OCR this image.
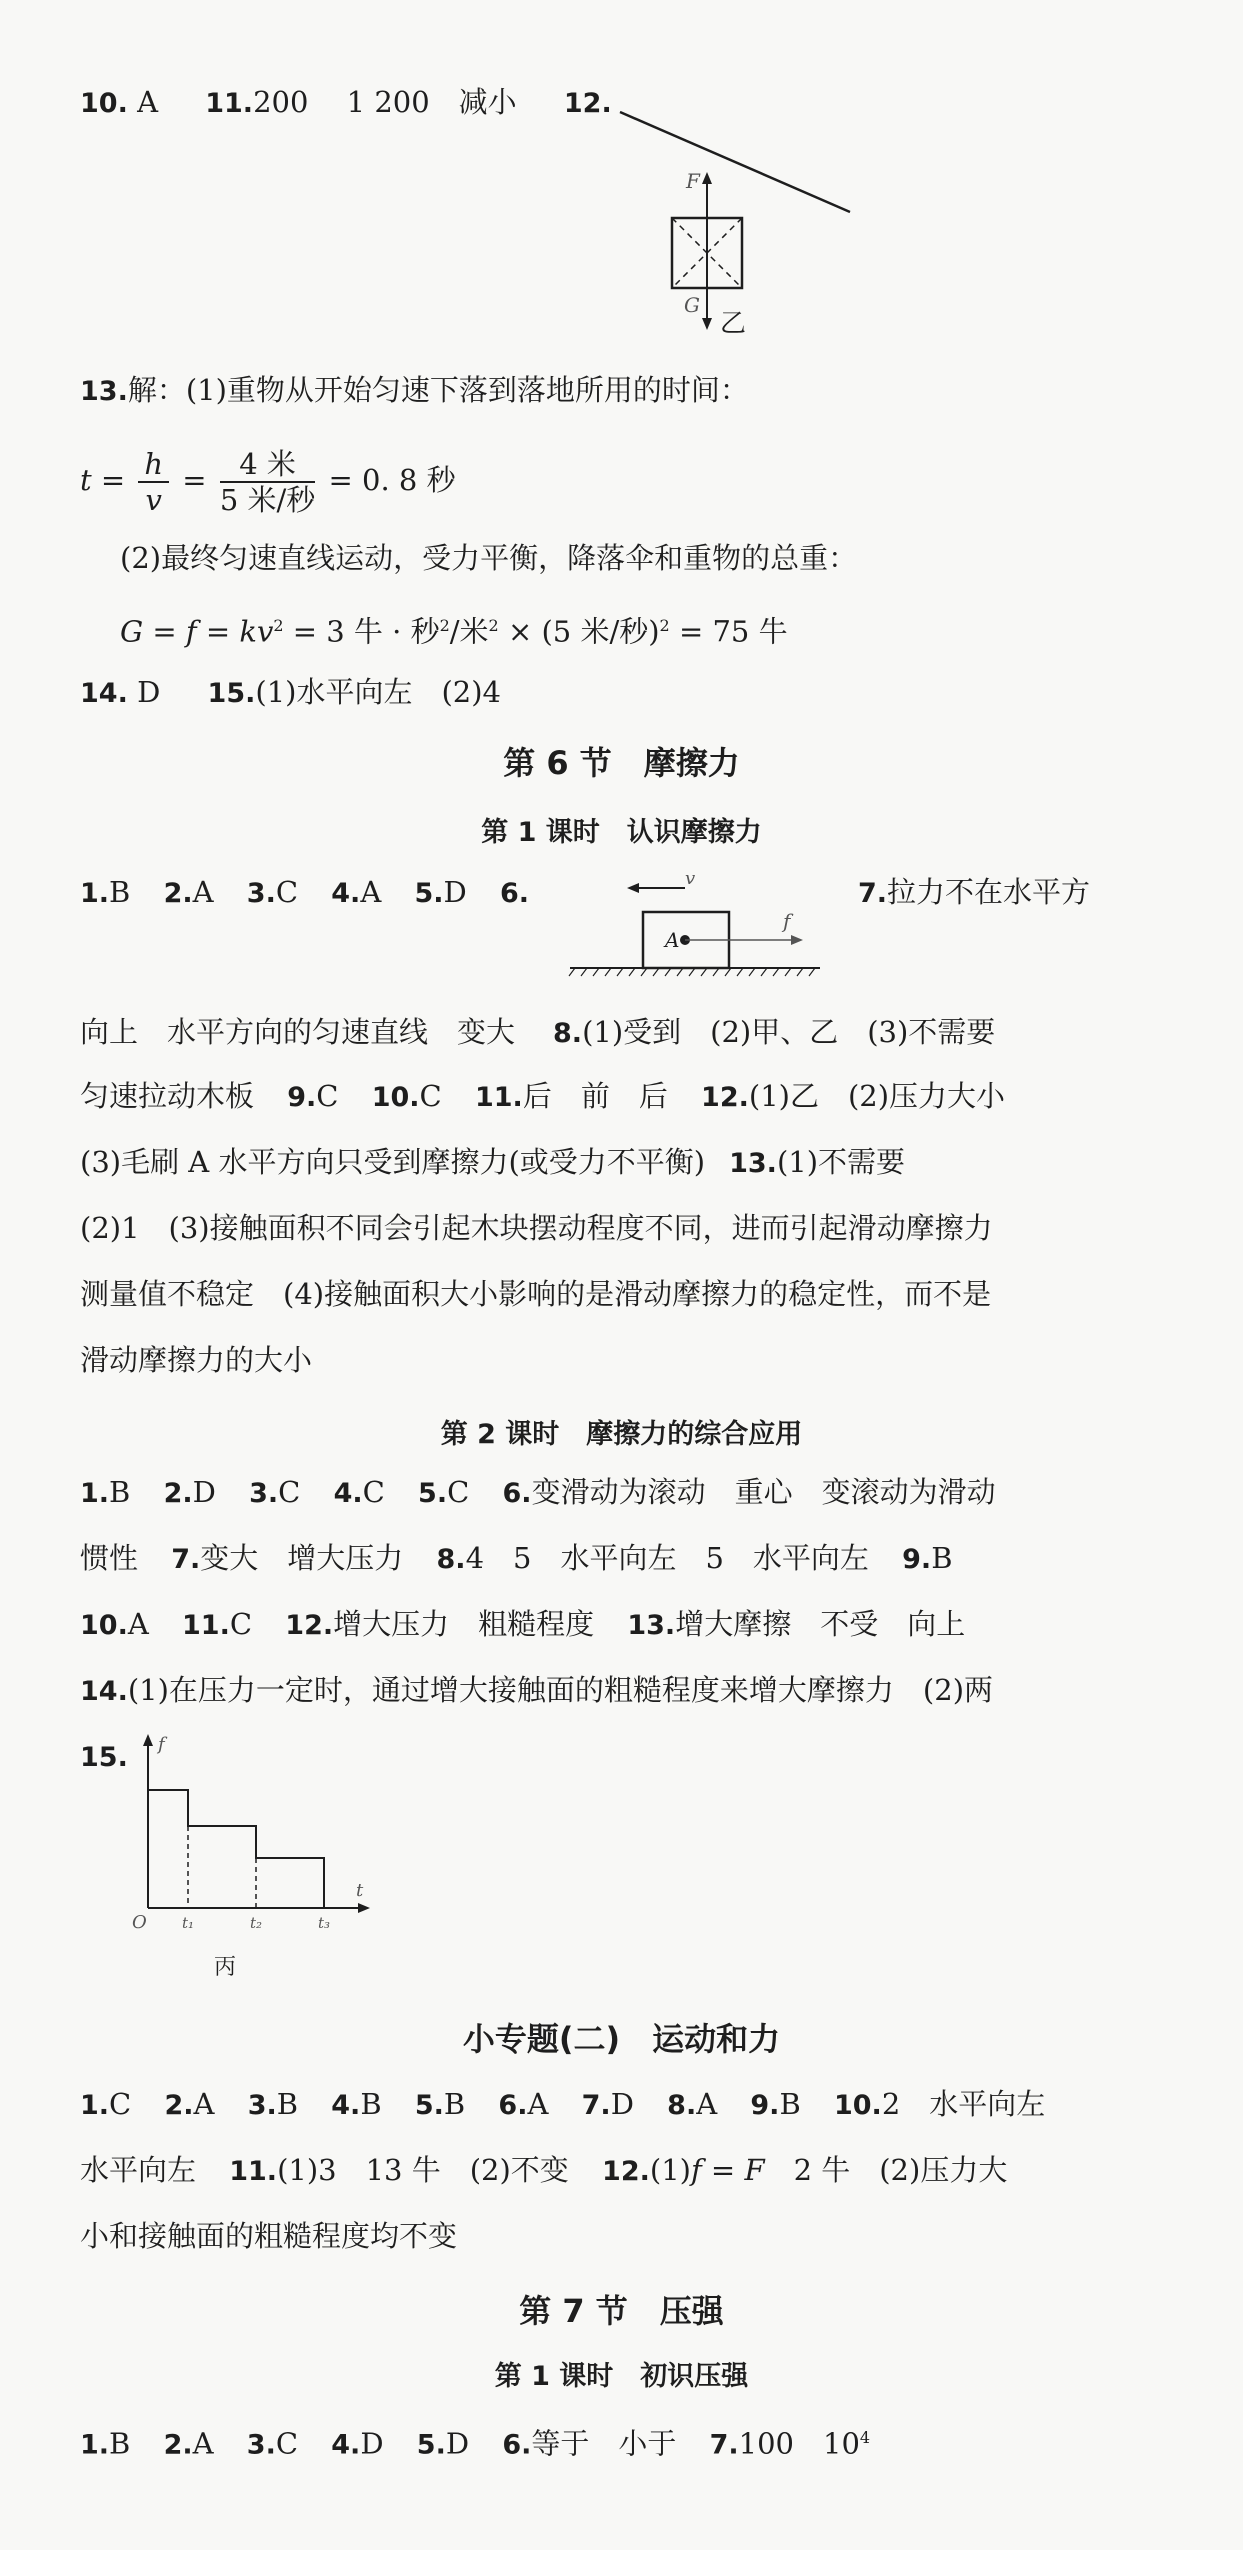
10. A 11.200　 1 200　减小 12.
F
G
乙
13.解：(1)重物从开始匀速下落到落地所用的时间：
$t = \frac{h}{v} = \frac{\text{4 米}}{\text{5 米/秒}} = 0$. 8 秒
(2)最终匀速直线运动，受力平衡，降落伞和重物的总重：
$G = f = kv^2 = 3$ 牛 · 秒$^2$/米$^2$ × (5 米/秒)$^2$ = 75 牛
14. D 15.(1)水平向左　(2)4
第 6 节　摩擦力
第 1 课时　认识摩擦力
1.B 2.A 3.C 4.A 5.D 6.	7.拉力不在水平方
v
A
f
向上　水平方向的匀速直线　变大 8.(1)受到　(2)甲、乙　(3)不需要
匀速拉动木板 9.C 10.C 11.后　前　后 12.(1)乙　(2)压力大小
(3)毛刷 A 水平方向只受到摩擦力(或受力不平衡) 13.(1)不需要
(2)1　(3)接触面积不同会引起木块摆动程度不同，进而引起滑动摩擦力
测量值不稳定　(4)接触面积大小影响的是滑动摩擦力的稳定性，而不是
滑动摩擦力的大小
第 2 课时　摩擦力的综合应用
1.B 2.D 3.C 4.C 5.C 6.变滑动为滚动　重心　变滚动为滑动
惯性 7.变大　增大压力 8.4　5　水平向左　5　水平向左 9.B
10.A 11.C 12.增大压力　粗糙程度 13.增大摩擦　不受　向上
14.(1)在压力一定时，通过增大接触面的粗糙程度来增大摩擦力　(2)两
15. f
t
O t₁	t₂	t₃
丙
小专题(二)　运动和力
1.C 2.A 3.B 4.B 5.B 6.A 7.D 8.A 9.B 10.2　水平向左
水平向左 11.(1)3　13 牛　(2)不变 12.(1)f = F　2 牛　(2)压力大
小和接触面的粗糙程度均不变
第 7 节　压强
第 1 课时　初识压强
1.B 2.A 3.C 4.D 5.D 6.等于　小于 7.100　$10^4$
